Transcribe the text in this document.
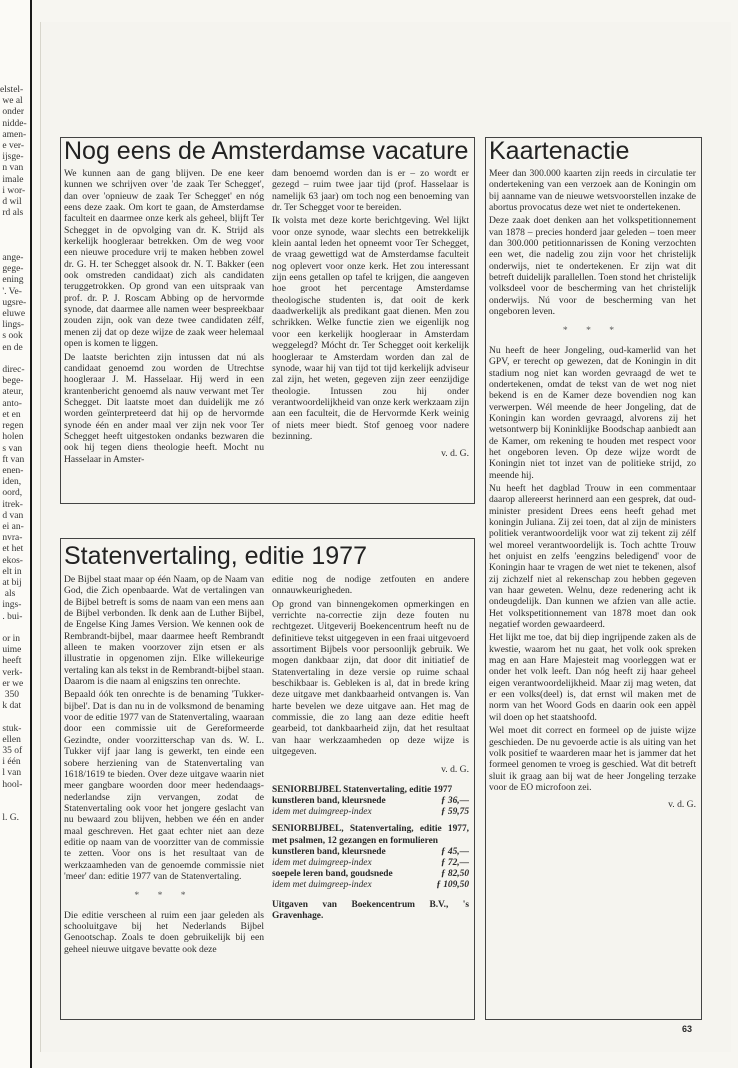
elstel-
we al
onder
nidde-
amen-
e ver-
ijsge-
n van
imale
i wor-
d wil
rd als

ange-
gege-
ening
'. Ve-
ugsre-
eluwe
lings-
s ook
en de

direc-
bege-
ateur,
anto-
et en
regen
holen
s van
ft van
enen-
iden,
oord,
itrek-
d van
ei an-
nvra-
et het
ekos-
elt in
at bij
als
ings-
. bui-

or in
uime
heeft
verk-
er we
350
k dat

stuk-
ellen
35 of
i één
l van
hool-

l. G.
Nog eens de Amsterdamse vacature

We kunnen aan de gang blijven. De ene keer kunnen we schrijven over 'de zaak Ter Schegget', dan over 'opnieuw de zaak Ter Schegget' en nóg eens deze zaak. Om kort te gaan, de Amsterdamse faculteit en daarmee onze kerk als geheel, blijft Ter Schegget in de opvolging van dr. K. Strijd als kerkelijk hoogleraar betrekken. Om de weg voor een nieuwe procedure vrij te maken hebben zowel dr. G. H. ter Schegget alsook dr. N. T. Bakker (een ook omstreden candidaat) zich als candidaten teruggetrokken. Op grond van een uitspraak van prof. dr. P. J. Roscam Abbing op de hervormde synode, dat daarmee alle namen weer bespreekbaar zouden zijn, ook van deze twee candidaten zélf, menen zij dat op deze wijze de zaak weer helemaal open is komen te liggen.

De laatste berichten zijn intussen dat nú als candidaat genoemd zou worden de Utrechtse hoogleraar J. M. Hasselaar. Hij werd in een krantenbericht genoemd als nauw verwant met Ter Schegget. Dit laatste moet dan duidelijk me zó worden geïnterpreteerd dat hij op de hervormde synode één en ander maal ver zijn nek voor Ter Schegget heeft uitgestoken ondanks bezwaren die ook hij tegen diens theologie heeft. Mocht nu Hasselaar in Amster-

dam benoemd worden dan is er – zo wordt er gezegd – ruim twee jaar tijd (prof. Hasselaar is namelijk 63 jaar) om toch nog een benoeming van dr. Ter Schegget voor te bereiden.

Ik volsta met deze korte berichtgeving. Wel lijkt voor onze synode, waar slechts een betrekkelijk klein aantal leden het opneemt voor Ter Schegget, de vraag gewettigd wat de Amsterdamse faculteit nog oplevert voor onze kerk. Het zou interessant zijn eens getallen op tafel te krijgen, die aangeven hoe groot het percentage Amsterdamse theologische studenten is, dat ooit de kerk daadwerkelijk als predikant gaat dienen. Men zou schrikken. Welke functie zien we eigenlijk nog voor een kerkelijk hoogleraar in Amsterdam weggelegd? Mócht dr. Ter Schegget ooit kerkelijk hoogleraar te Amsterdam worden dan zal de synode, waar hij van tijd tot tijd kerkelijk adviseur zal zijn, het weten, gegeven zijn zeer eenzijdige theologie. Intussen zou hij onder verantwoordelijkheid van onze kerk werkzaam zijn aan een faculteit, die de Hervormde Kerk weinig of niets meer biedt. Stof genoeg voor nadere bezinning.

v. d. G.
Statenvertaling, editie 1977

De Bijbel staat maar op één Naam, op de Naam van God, die Zich openbaarde. Wat de vertalingen van de Bijbel betreft is soms de naam van een mens aan de Bijbel verbonden. Ik denk aan de Luther Bijbel, de Engelse King James Version. We kennen ook de Rembrandt-bijbel, maar daarmee heeft Rembrandt alleen te maken voorzover zijn etsen er als illustratie in opgenomen zijn. Elke willekeurige vertaling kan als tekst in de Rembrandt-bijbel staan. Daarom is die naam al enigszins ten onrechte.

Bepaald óók ten onrechte is de benaming 'Tukker-bijbel'. Dat is dan nu in de volksmond de benaming voor de editie 1977 van de Statenvertaling, waaraan door een commissie uit de Gereformeerde Gezindte, onder voorzitterschap van ds. W. L. Tukker vijf jaar lang is gewerkt, ten einde een sobere herziening van de Statenvertaling van 1618/1619 te bieden. Over deze uitgave waarin niet meer gangbare woorden door meer hedendaags-nederlandse zijn vervangen, zodat de Statenvertaling ook voor het jongere geslacht van nu bewaard zou blijven, hebben we één en ander maal geschreven. Het gaat echter niet aan deze editie op naam van de voorzitter van de commissie te zetten. Voor ons is het resultaat van de werkzaamheden van de genoemde commissie niet 'meer' dan: editie 1977 van de Statenvertaling.

* * *

Die editie verscheen al ruim een jaar geleden als schooluitgave bij het Nederlands Bijbel Genootschap. Zoals te doen gebruikelijk bij een geheel nieuwe uitgave bevatte ook deze

editie nog de nodige zetfouten en andere onnauwkeurigheden.

Op grond van binnengekomen opmerkingen en verrichte na-correctie zijn deze fouten nu rechtgezet. Uitgeverij Boekencentrum heeft nu de definitieve tekst uitgegeven in een fraai uitgevoerd assortiment Bijbels voor persoonlijk gebruik. We mogen dankbaar zijn, dat door dit initiatief de Statenvertaling in deze versie op ruime schaal beschikbaar is. Gebleken is al, dat in brede kring deze uitgave met dankbaarheid ontvangen is. Van harte bevelen we deze uitgave aan. Het mag de commissie, die zo lang aan deze editie heeft gearbeid, tot dankbaarheid zijn, dat het resultaat van haar werkzaamheden op deze wijze is uitgegeven.

v. d. G.
SENIORBIJBEL Statenvertaling, editie 1977
kunstleren band, kleursnede	ƒ 36,—
idem met duimgreep-index	ƒ 59,75
SENIORBIJBEL, Statenvertaling, editie 1977, met psalmen, 12 gezangen en formulieren
kunstleren band, kleursnede	ƒ 45,—
idem met duimgreep-index	ƒ 72,—
soepele leren band, goudsnede	ƒ 82,50
idem met duimgreep-index	ƒ 109,50
Uitgaven van Boekencentrum B.V., 's Gravenhage.
Kaartenactie

Meer dan 300.000 kaarten zijn reeds in circulatie ter ondertekening van een verzoek aan de Koningin om bij aanname van de nieuwe wetsvoorstellen inzake de abortus provocatus deze wet niet te ondertekenen.

Deze zaak doet denken aan het volkspetitionnement van 1878 – precies honderd jaar geleden – toen meer dan 300.000 petitionnarissen de Koning verzochten een wet, die nadelig zou zijn voor het christelijk onderwijs, niet te ondertekenen. Er zijn wat dit betreft duidelijk parallellen. Toen stond het christelijk volksdeel voor de bescherming van het christelijk onderwijs. Nú voor de bescherming van het ongeboren leven.

* * *

Nu heeft de heer Jongeling, oud-kamerlid van het GPV, er terecht op gewezen, dat de Koningin in dit stadium nog niet kan worden gevraagd de wet te ondertekenen, omdat de tekst van de wet nog niet bekend is en de Kamer deze bovendien nog kan verwerpen. Wél meende de heer Jongeling, dat de Koningin kan worden gevraagd, alvorens zij het wetsontwerp bij Koninklijke Boodschap aanbiedt aan de Kamer, om rekening te houden met respect voor het ongeboren leven. Op deze wijze wordt de Koningin niet tot inzet van de politieke strijd, zo meende hij.

Nu heeft het dagblad Trouw in een commentaar daarop allereerst herinnerd aan een gesprek, dat oud-minister president Drees eens heeft gehad met koningin Juliana. Zij zei toen, dat al zijn de ministers politiek verantwoordelijk voor wat zij tekent zij zélf wel moreel verantwoordelijk is. Toch achtte Trouw het onjuist en zelfs 'eengzins beledigend' voor de Koningin haar te vragen de wet niet te tekenen, alsof zij zichzelf niet al rekenschap zou hebben gegeven van haar geweten. Welnu, deze redenering acht ik ondeugdelijk. Dan kunnen we afzien van alle actie. Het volkspetitionnement van 1878 moet dan ook negatief worden gewaardeerd.

Het lijkt me toe, dat bij diep ingrijpende zaken als de kwestie, waarom het nu gaat, het volk ook spreken mag en aan Hare Majesteit mag voorleggen wat er onder het volk leeft. Dan nóg heeft zij haar geheel eigen verantwoordelijkheid. Maar zij mag weten, dat er een volks(deel) is, dat ernst wil maken met de norm van het Woord Gods en daarin ook een appèl wil doen op het staatshoofd.

Wel moet dit correct en formeel op de juiste wijze geschieden. De nu gevoerde actie is als uiting van het volk positief te waarderen maar het is jammer dat het formeel genomen te vroeg is geschied. Wat dit betreft sluit ik graag aan bij wat de heer Jongeling terzake voor de EO microfoon zei.

v. d. G.
63
